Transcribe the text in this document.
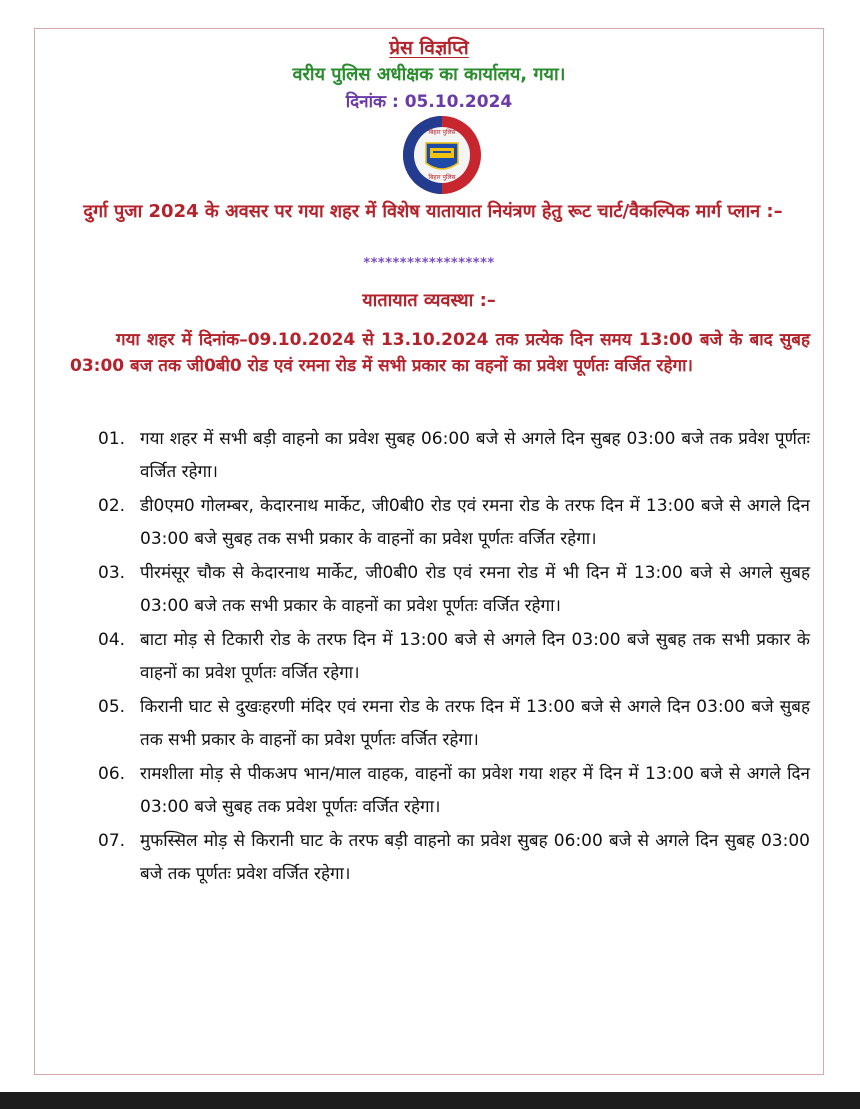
प्रेस विज्ञप्ति
वरीय पुलिस अधीक्षक का कार्यालय, गया।
दिनांक : 05.10.2024
बिहार पुलिस
बिहार पुलिस
दुर्गा पुजा 2024 के अवसर पर गया शहर में विशेष यातायात नियंत्रण हेतु रूट चार्ट/वैकल्पिक मार्ग प्लान :–
******************
यातायात व्यवस्था :–
गया शहर में दिनांक–09.10.2024 से 13.10.2024 तक प्रत्येक दिन समय 13:00 बजे के बाद सुबह 03:00 बज तक जी0बी0 रोड एवं रमना रोड में सभी प्रकार का वहनों का प्रवेश पूर्णतः वर्जित रहेगा।
01. गया शहर में सभी बड़ी वाहनो का प्रवेश सुबह 06:00 बजे से अगले दिन सुबह 03:00 बजे तक प्रवेश पूर्णतः वर्जित रहेगा।
02. डी0एम0 गोलम्बर, केदारनाथ मार्केट, जी0बी0 रोड एवं रमना रोड के तरफ दिन में 13:00 बजे से अगले दिन 03:00 बजे सुबह तक सभी प्रकार के वाहनों का प्रवेश पूर्णतः वर्जित रहेगा।
03. पीरमंसूर चौक से केदारनाथ मार्केट, जी0बी0 रोड एवं रमना रोड में भी दिन में 13:00 बजे से अगले सुबह 03:00 बजे तक सभी प्रकार के वाहनों का प्रवेश पूर्णतः वर्जित रहेगा।
04. बाटा मोड़ से टिकारी रोड के तरफ दिन में 13:00 बजे से अगले दिन 03:00 बजे सुबह तक सभी प्रकार के वाहनों का प्रवेश पूर्णतः वर्जित रहेगा।
05. किरानी घाट से दुखःहरणी मंदिर एवं रमना रोड के तरफ दिन में 13:00 बजे से अगले दिन 03:00 बजे सुबह तक सभी प्रकार के वाहनों का प्रवेश पूर्णतः वर्जित रहेगा।
06. रामशीला मोड़ से पीकअप भान/माल वाहक, वाहनों का प्रवेश गया शहर में दिन में 13:00 बजे से अगले दिन 03:00 बजे सुबह तक प्रवेश पूर्णतः वर्जित रहेगा।
07. मुफस्सिल मोड़ से किरानी घाट के तरफ बड़ी वाहनो का प्रवेश सुबह 06:00 बजे से अगले दिन सुबह 03:00 बजे तक पूर्णतः प्रवेश वर्जित रहेगा।
